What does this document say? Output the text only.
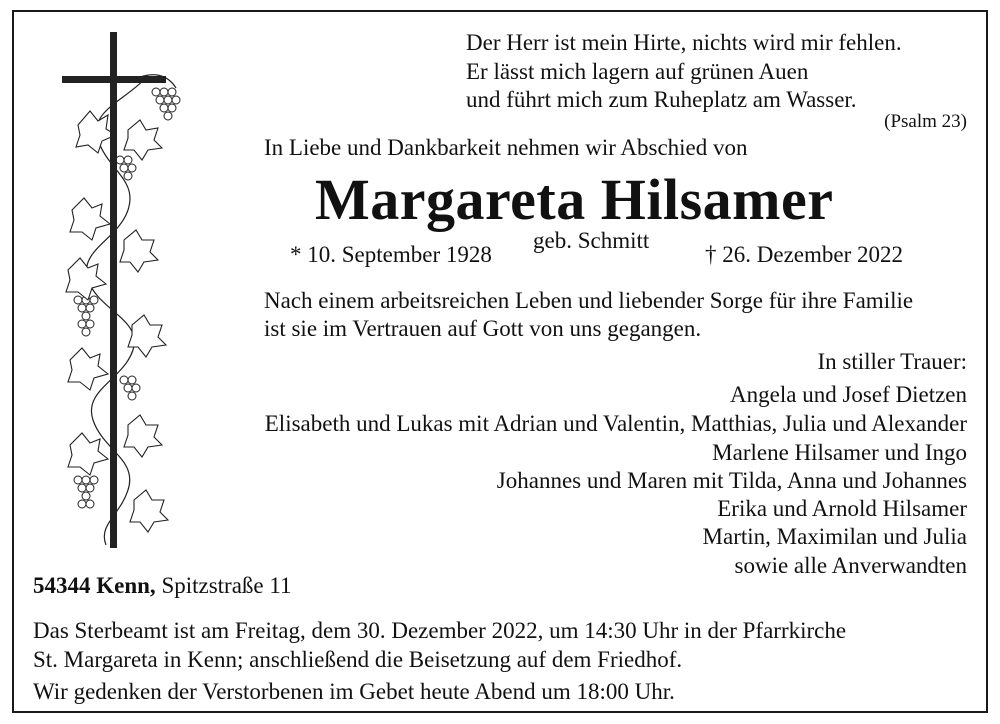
Der Herr ist mein Hirte, nichts wird mir fehlen.
Er lässt mich lagern auf grünen Auen
und führt mich zum Ruheplatz am Wasser.
(Psalm 23)
In Liebe und Dankbarkeit nehmen wir Abschied von
Margareta Hilsamer
* 10. September 1928
geb. Schmitt
† 26. Dezember 2022
Nach einem arbeitsreichen Leben und liebender Sorge für ihre Familie
ist sie im Vertrauen auf Gott von uns gegangen.
In stiller Trauer:
Angela und Josef Dietzen
Elisabeth und Lukas mit Adrian und Valentin, Matthias, Julia und Alexander
Marlene Hilsamer und Ingo
Johannes und Maren mit Tilda, Anna und Johannes
Erika und Arnold Hilsamer
Martin, Maximilan und Julia
sowie alle Anverwandten
54344 Kenn, Spitzstraße 11
Das Sterbeamt ist am Freitag, dem 30. Dezember 2022, um 14:30 Uhr in der Pfarrkirche
St. Margareta in Kenn; anschließend die Beisetzung auf dem Friedhof.
Wir gedenken der Verstorbenen im Gebet heute Abend um 18:00 Uhr.
